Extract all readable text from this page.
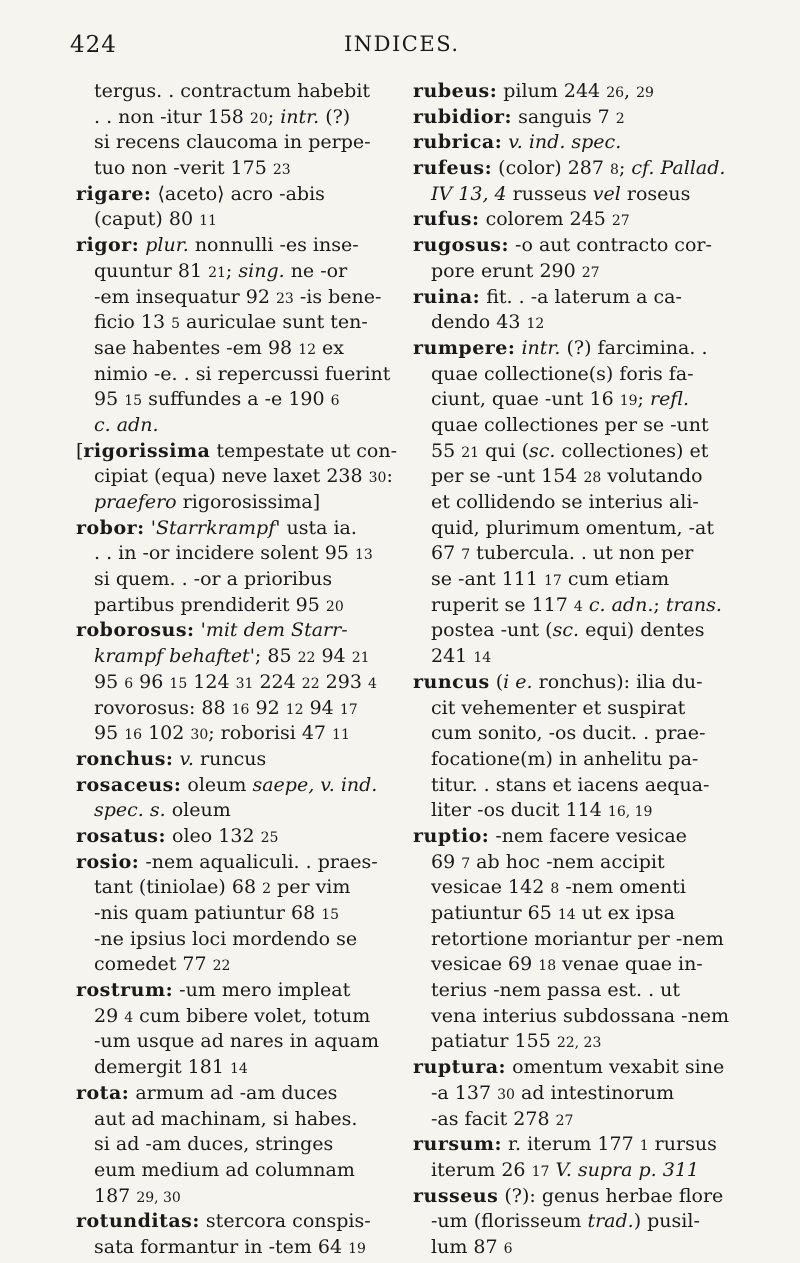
424	INDICES.
tergus. . contractum habebit
. . non -itur 158 20; intr. (?)
si recens claucoma in perpe-
tuo non -verit 175 23
rigare: ⟨aceto⟩ acro -abis
(caput) 80 11
rigor: plur. nonnulli -es inse-
quuntur 81 21; sing. ne -or
-em insequatur 92 23 -is bene-
ficio 13 5 auriculae sunt ten-
sae habentes -em 98 12 ex
nimio -e. . si repercussi fuerint
95 15 suffundes a -e 190 6
c. adn.
[rigorissima tempestate ut con-
cipiat (equa) neve laxet 238 30:
praefero rigorosissima]
robor: 'Starrkrampf' usta ia.
. . in -or incidere solent 95 13
si quem. . -or a prioribus
partibus prendiderit 95 20
roborosus: 'mit dem Starr-
krampf behaftet'; 85 22 94 21
95 6 96 15 124 31 224 22 293 4
rovorosus: 88 16 92 12 94 17
95 16 102 30; roborisi 47 11
ronchus: v. runcus
rosaceus: oleum saepe, v. ind.
spec. s. oleum
rosatus: oleo 132 25
rosio: -nem aqualiculi. . praes-
tant (tiniolae) 68 2 per vim
-nis quam patiuntur 68 15
-ne ipsius loci mordendo se
comedet 77 22
rostrum: -um mero impleat
29 4 cum bibere volet, totum
-um usque ad nares in aquam
demergit 181 14
rota: armum ad -am duces
aut ad machinam, si habes.
si ad -am duces, stringes
eum medium ad columnam
187 29, 30
rotunditas: stercora conspis-
sata formantur in -tem 64 19
rubeus: pilum 244 26, 29
rubidior: sanguis 7 2
rubrica: v. ind. spec.
rufeus: (color) 287 8; cf. Pallad.
IV 13, 4 russeus vel roseus
rufus: colorem 245 27
rugosus: -o aut contracto cor-
pore erunt 290 27
ruina: fit. . -a laterum a ca-
dendo 43 12
rumpere: intr. (?) farcimina. .
quae collectione(s) foris fa-
ciunt, quae -unt 16 19; refl.
quae collectiones per se -unt
55 21 qui (sc. collectiones) et
per se -unt 154 28 volutando
et collidendo se interius ali-
quid, plurimum omentum, -at
67 7 tubercula. . ut non per
se -ant 111 17 cum etiam
ruperit se 117 4 c. adn.; trans.
postea -unt (sc. equi) dentes
241 14
runcus (i e. ronchus): ilia du-
cit vehementer et suspirat
cum sonito, -os ducit. . prae-
focatione(m) in anhelitu pa-
titur. . stans et iacens aequa-
liter -os ducit 114 16, 19
ruptio: -nem facere vesicae
69 7 ab hoc -nem accipit
vesicae 142 8 -nem omenti
patiuntur 65 14 ut ex ipsa
retortione moriantur per -nem
vesicae 69 18 venae quae in-
terius -nem passa est. . ut
vena interius subdossana -nem
patiatur 155 22, 23
ruptura: omentum vexabit sine
-a 137 30 ad intestinorum
-as facit 278 27
rursum: r. iterum 177 1 rursus
iterum 26 17 V. supra p. 311
russeus (?): genus herbae flore
-um (florisseum trad.) pusil-
lum 87 6
